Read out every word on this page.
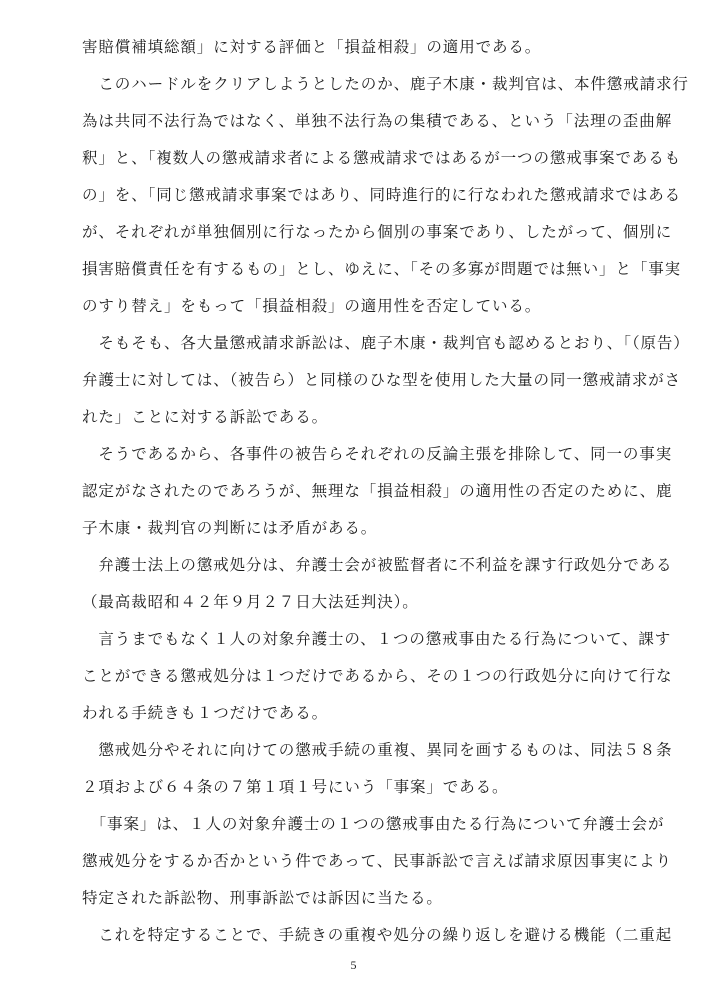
害賠償補填総額」に対する評価と「損益相殺」の適用である。
　このハードルをクリアしようとしたのか、鹿子木康・裁判官は、本件懲戒請求行
為は共同不法行為ではなく、単独不法行為の集積である、という「法理の歪曲解
釈」と、「複数人の懲戒請求者による懲戒請求ではあるが一つの懲戒事案であるも
の」を、「同じ懲戒請求事案ではあり、同時進行的に行なわれた懲戒請求ではある
が、それぞれが単独個別に行なったから個別の事案であり、したがって、個別に
損害賠償責任を有するもの」とし、ゆえに、「その多寡が問題では無い」と「事実
のすり替え」をもって「損益相殺」の適用性を否定している。
　そもそも、各大量懲戒請求訴訟は、鹿子木康・裁判官も認めるとおり、「（原告）
弁護士に対しては、（被告ら）と同様のひな型を使用した大量の同一懲戒請求がさ
れた」ことに対する訴訟である。
　そうであるから、各事件の被告らそれぞれの反論主張を排除して、同一の事実
認定がなされたのであろうが、無理な「損益相殺」の適用性の否定のために、鹿
子木康・裁判官の判断には矛盾がある。
　弁護士法上の懲戒処分は、弁護士会が被監督者に不利益を課す行政処分である
（最高裁昭和４２年９月２７日大法廷判決）。
　言うまでもなく１人の対象弁護士の、１つの懲戒事由たる行為について、課す
ことができる懲戒処分は１つだけであるから、その１つの行政処分に向けて行な
われる手続きも１つだけである。
　懲戒処分やそれに向けての懲戒手続の重複、異同を画するものは、同法５８条
２項および６４条の７第１項１号にいう「事案」である。
　「事案」は、１人の対象弁護士の１つの懲戒事由たる行為について弁護士会が
懲戒処分をするか否かという件であって、民事訴訟で言えば請求原因事実により
特定された訴訟物、刑事訴訟では訴因に当たる。
　これを特定することで、手続きの重複や処分の繰り返しを避ける機能（二重起
5
